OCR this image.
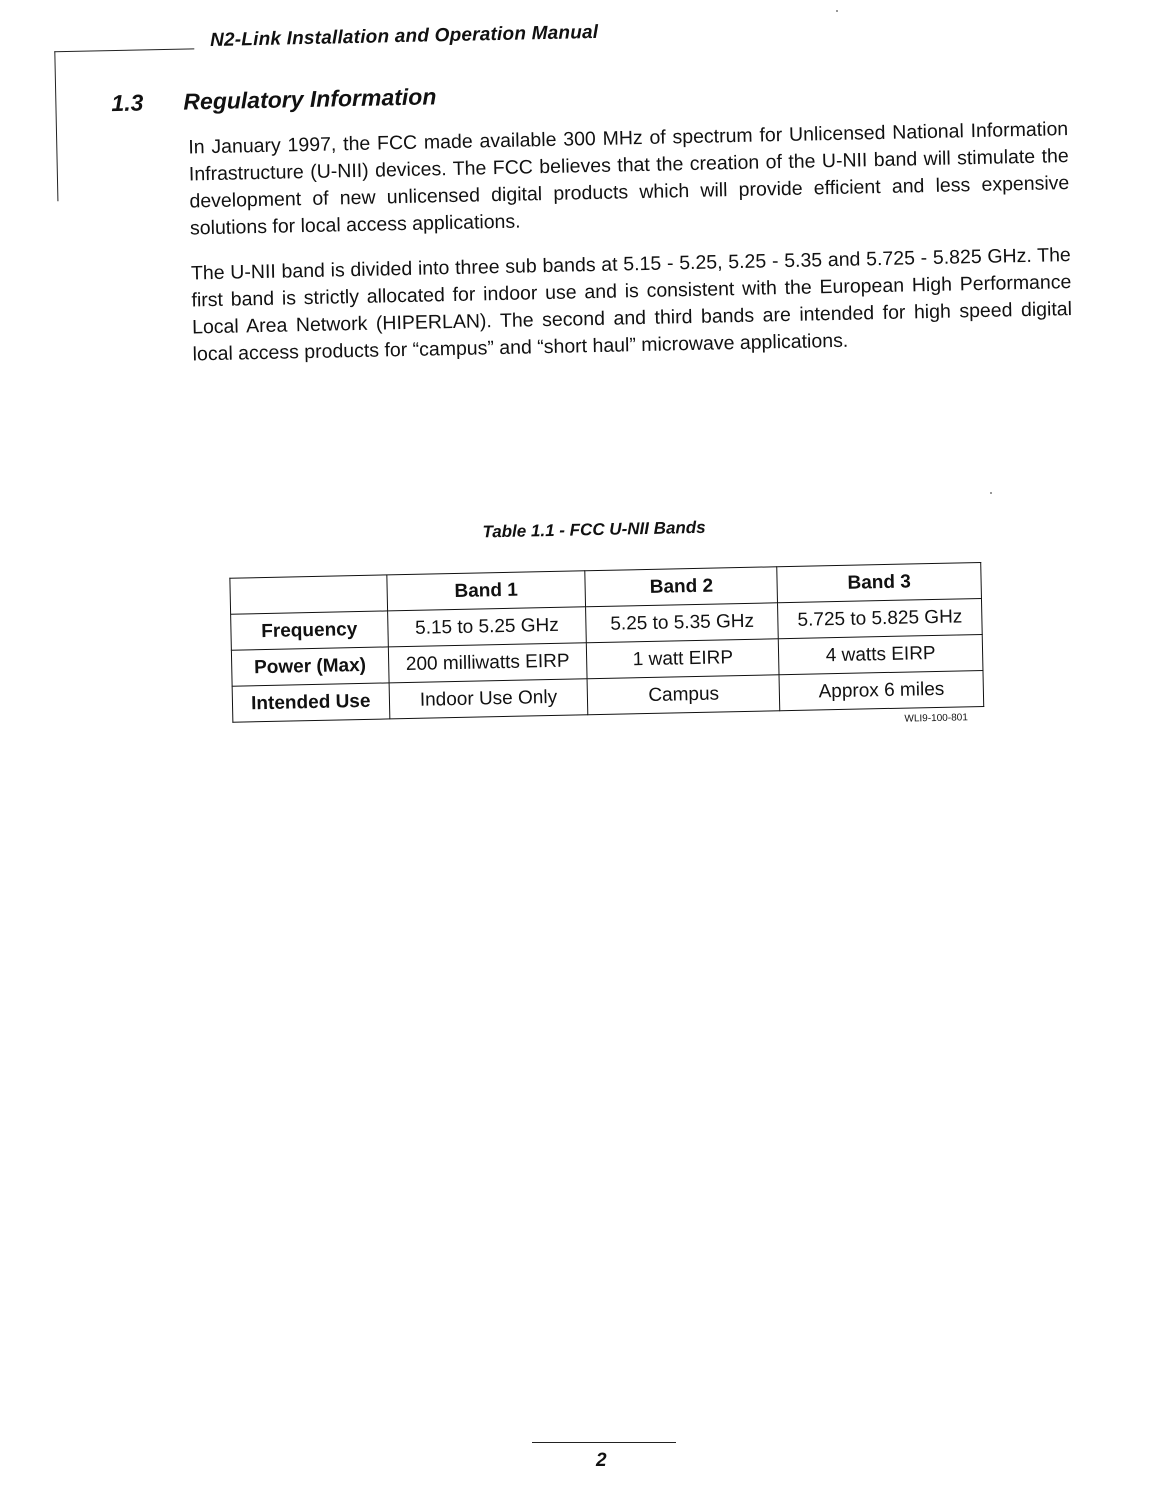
N2-Link Installation and Operation Manual
1.3 Regulatory Information

In January 1997, the FCC made available 300 MHz of spectrum for Unlicensed National Information Infrastructure (U-NII) devices. The FCC believes that the creation of the U-NII band will stimulate the development of new unlicensed digital products which will provide efficient and less expensive solutions for local access applications.

The U-NII band is divided into three sub bands at 5.15 - 5.25, 5.25 - 5.35 and 5.725 - 5.825 GHz. The first band is strictly allocated for indoor use and is consistent with the European High Performance Local Area Network (HIPERLAN). The second and third bands are intended for high speed digital local access products for “campus” and “short haul” microwave applications.

Table 1.1 - FCC U-NII Bands
	Band 1	Band 2	Band 3
Frequency	5.15 to 5.25 GHz	5.25 to 5.35 GHz	5.725 to 5.825 GHz
Power (Max)	200 milliwatts EIRP	1 watt EIRP	4 watts EIRP
Intended Use	Indoor Use Only	Campus	Approx 6 miles
WLI9-100-801
2
